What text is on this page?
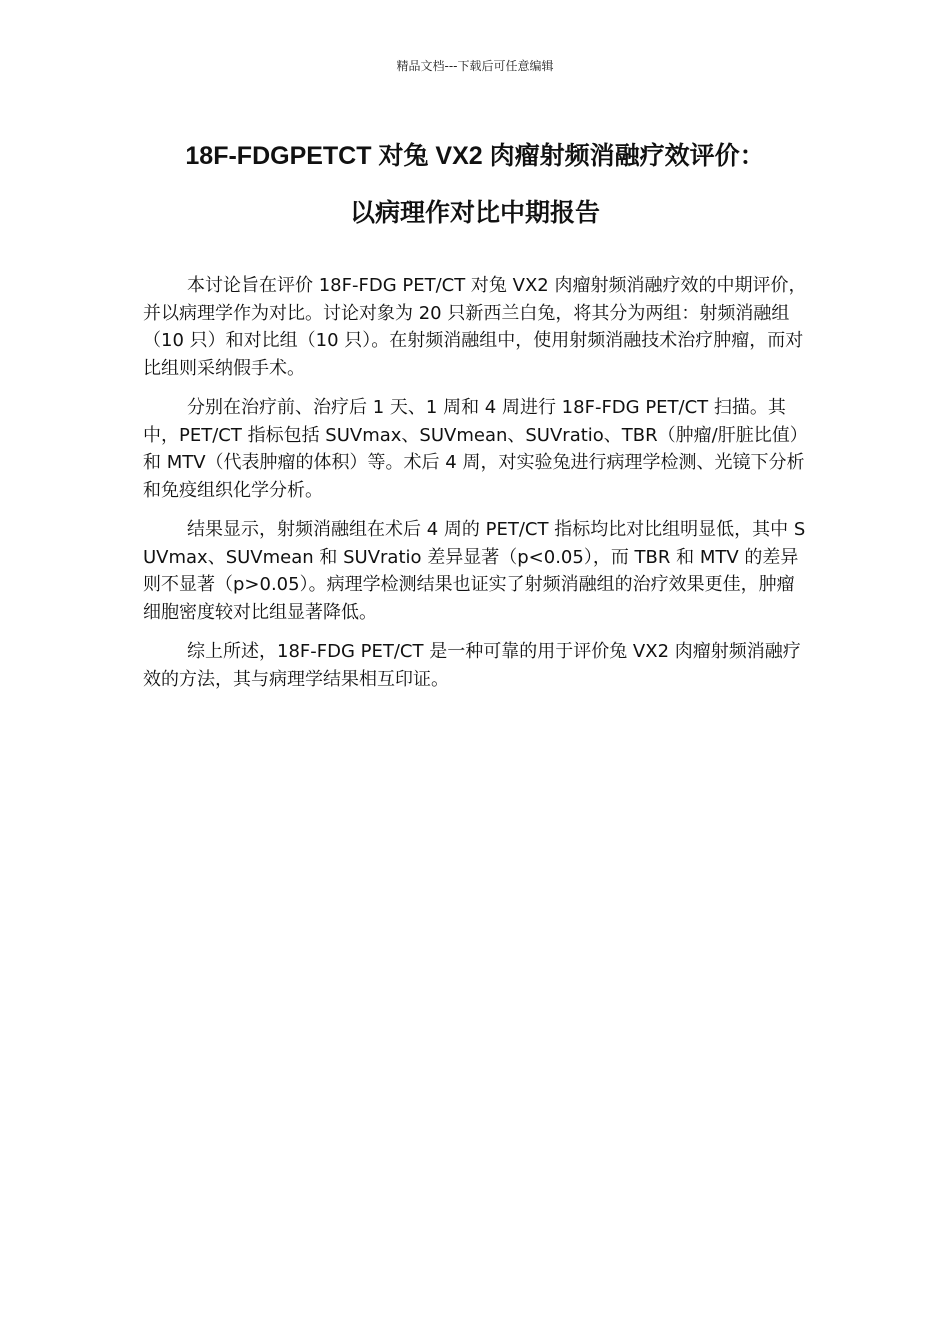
精品文档---下载后可任意编辑
18F-FDGPETCT 对兔 VX2 肉瘤射频消融疗效评价：
以病理作对比中期报告

本讨论旨在评价 18F-FDG PET/CT 对兔 VX2 肉瘤射频消融疗效的中期评价，并以病理学作为对比。讨论对象为 20 只新西兰白兔，将其分为两组：射频消融组（10 只）和对比组（10 只）。在射频消融组中，使用射频消融技术治疗肿瘤，而对比组则采纳假手术。

分别在治疗前、治疗后 1 天、1 周和 4 周进行 18F-FDG PET/CT 扫描。其中，PET/CT 指标包括 SUVmax、SUVmean、SUVratio、TBR（肿瘤/肝脏比值）和 MTV（代表肿瘤的体积）等。术后 4 周，对实验兔进行病理学检测、光镜下分析和免疫组织化学分析。

结果显示，射频消融组在术后 4 周的 PET/CT 指标均比对比组明显低，其中 SUVmax、SUVmean 和 SUVratio 差异显著（p<0.05），而 TBR 和 MTV 的差异则不显著（p>0.05）。病理学检测结果也证实了射频消融组的治疗效果更佳，肿瘤细胞密度较对比组显著降低。

综上所述，18F-FDG PET/CT 是一种可靠的用于评价兔 VX2 肉瘤射频消融疗效的方法，其与病理学结果相互印证。
